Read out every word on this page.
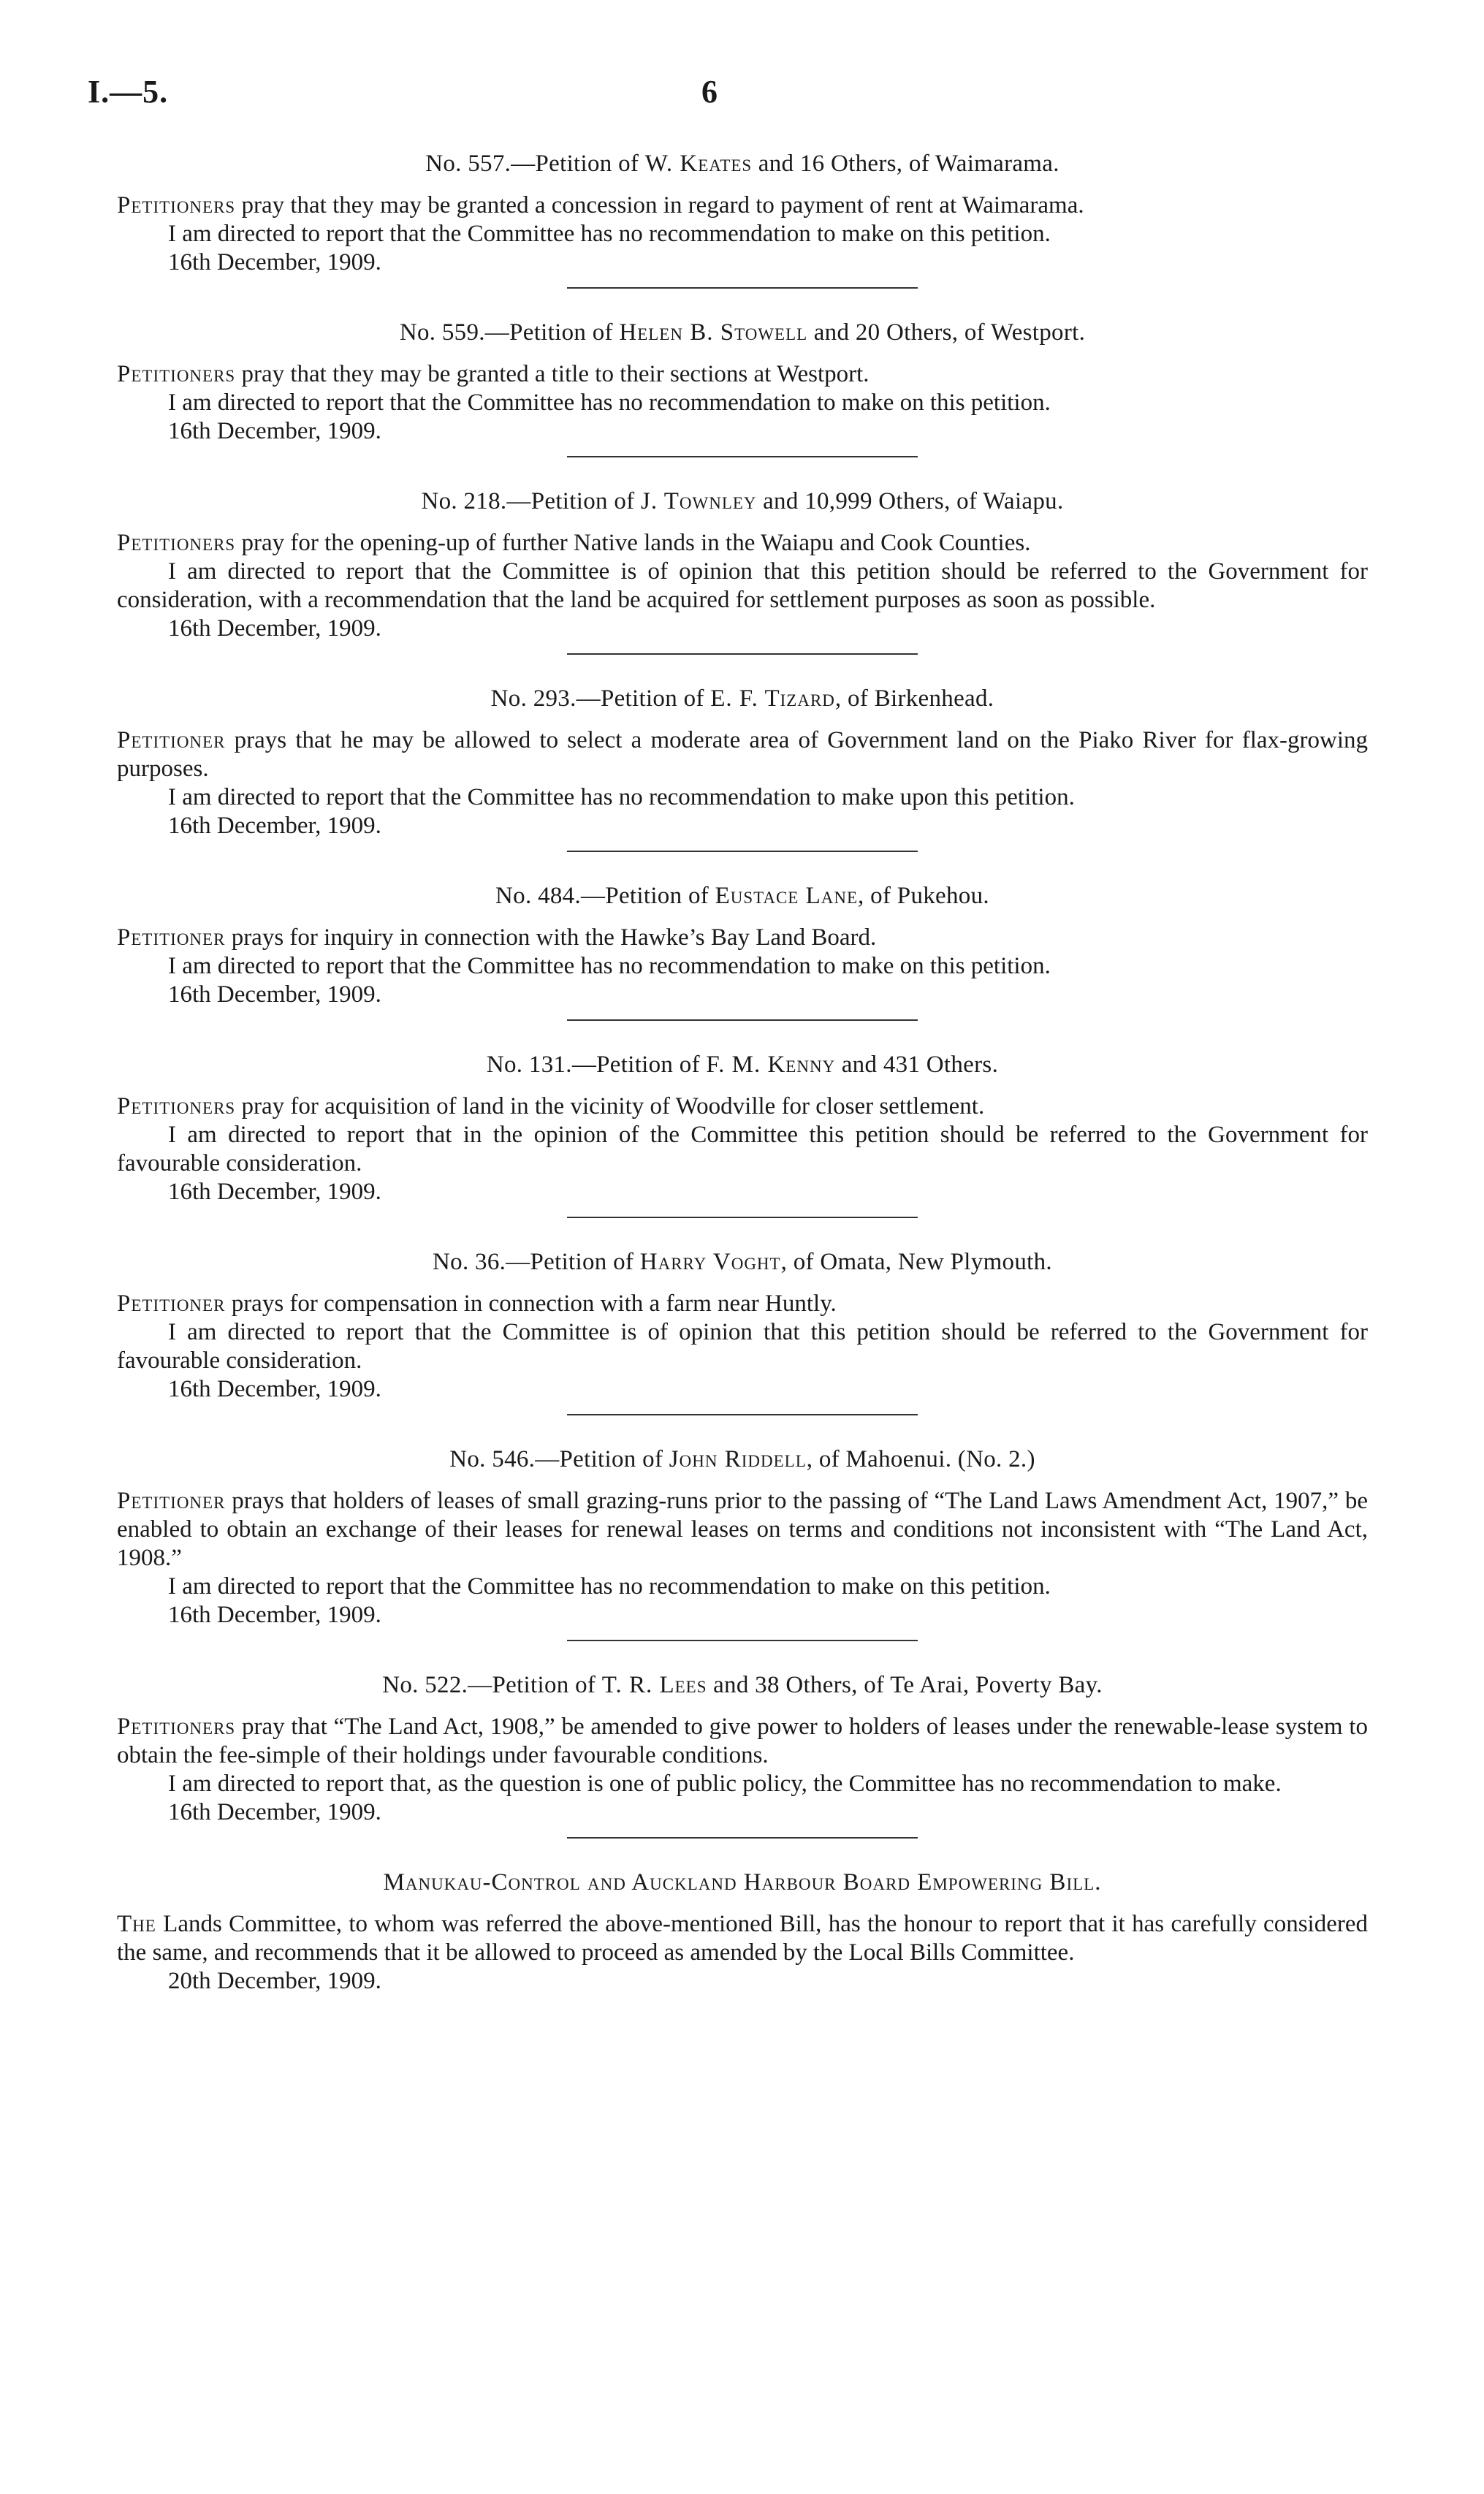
I.—5.	6

No. 557.—Petition of W. Keates and 16 Others, of Waimarama.

Petitioners pray that they may be granted a concession in regard to payment of rent at Waimarama.

I am directed to report that the Committee has no recommendation to make on this petition.

16th December, 1909.

No. 559.—Petition of Helen B. Stowell and 20 Others, of Westport.

Petitioners pray that they may be granted a title to their sections at Westport.

I am directed to report that the Committee has no recommendation to make on this petition.

16th December, 1909.

No. 218.—Petition of J. Townley and 10,999 Others, of Waiapu.

Petitioners pray for the opening-up of further Native lands in the Waiapu and Cook Counties.

I am directed to report that the Committee is of opinion that this petition should be referred to the Government for consideration, with a recommendation that the land be acquired for settlement purposes as soon as possible.

16th December, 1909.

No. 293.—Petition of E. F. Tizard, of Birkenhead.

Petitioner prays that he may be allowed to select a moderate area of Government land on the Piako River for flax-growing purposes.

I am directed to report that the Committee has no recommendation to make upon this petition.

16th December, 1909.

No. 484.—Petition of Eustace Lane, of Pukehou.

Petitioner prays for inquiry in connection with the Hawke’s Bay Land Board.

I am directed to report that the Committee has no recommendation to make on this petition.

16th December, 1909.

No. 131.—Petition of F. M. Kenny and 431 Others.

Petitioners pray for acquisition of land in the vicinity of Woodville for closer settlement.

I am directed to report that in the opinion of the Committee this petition should be referred to the Government for favourable consideration.

16th December, 1909.

No. 36.—Petition of Harry Voght, of Omata, New Plymouth.

Petitioner prays for compensation in connection with a farm near Huntly.

I am directed to report that the Committee is of opinion that this petition should be referred to the Government for favourable consideration.

16th December, 1909.

No. 546.—Petition of John Riddell, of Mahoenui. (No. 2.)

Petitioner prays that holders of leases of small grazing-runs prior to the passing of “The Land Laws Amendment Act, 1907,” be enabled to obtain an exchange of their leases for renewal leases on terms and conditions not inconsistent with “The Land Act, 1908.”

I am directed to report that the Committee has no recommendation to make on this petition.

16th December, 1909.

No. 522.—Petition of T. R. Lees and 38 Others, of Te Arai, Poverty Bay.

Petitioners pray that “The Land Act, 1908,” be amended to give power to holders of leases under the renewable-lease system to obtain the fee-simple of their holdings under favourable conditions.

I am directed to report that, as the question is one of public policy, the Committee has no recommendation to make.

16th December, 1909.

Manukau-Control and Auckland Harbour Board Empowering Bill.

The Lands Committee, to whom was referred the above-mentioned Bill, has the honour to report that it has carefully considered the same, and recommends that it be allowed to proceed as amended by the Local Bills Committee.

20th December, 1909.
